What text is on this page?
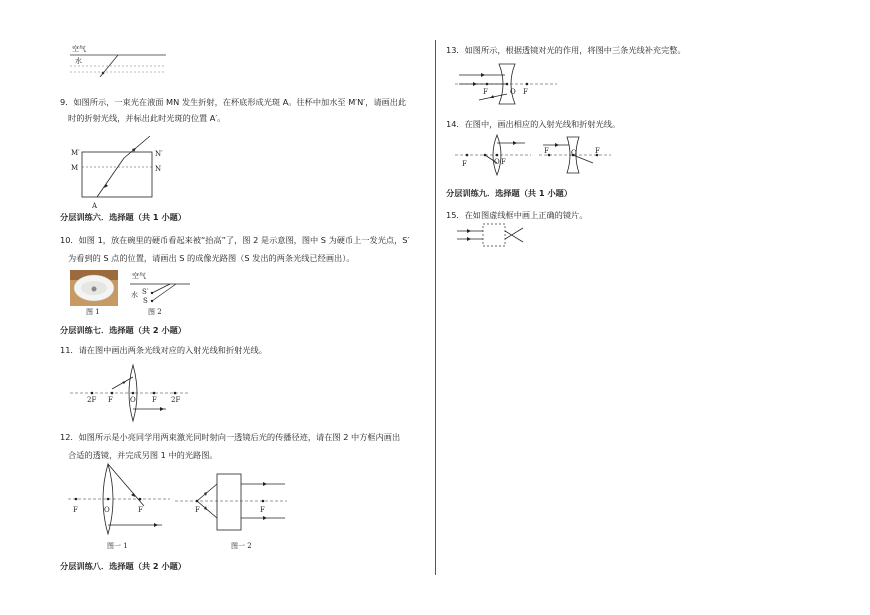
空气
水
9．如图所示，一束光在液面 MN 发生折射，在杯底形成光斑 A。往杯中加水至 M′N′，请画出此
时的折射光线，并标出此时光斑的位置 A′。
M′
M
N′
N
A
分层训练六．选择题（共 1 小题）
10．如图 1，放在碗里的硬币看起来被“抬高”了，图 2 是示意图，图中 S 为硬币上一发光点，S′
为看到的 S 点的位置，请画出 S 的成像光路图（S 发出的两条光线已经画出）。
图 1
空气
水 S′
S
图 2
分层训练七．选择题（共 2 小题）
11．请在图中画出两条光线对应的入射光线和折射光线。
2F F O F 2F
12．如图所示是小亮同学用两束激光同时射向一透镜后光的传播径迹，请在图 2 中方框内画出
合适的透镜，并完成另图 1 中的光路图。
F	O	F
图一 1
F	F
图一 2
分层训练八．选择题（共 2 小题）
13．如图所示，根据透镜对光的作用，将图中三条光线补充完整。
F	O F
14．在图中，画出相应的入射光线和折射光线。
F	O F
F	O	F
分层训练九．选择题（共 1 小题）
15．在如图虚线框中画上正确的镜片。
